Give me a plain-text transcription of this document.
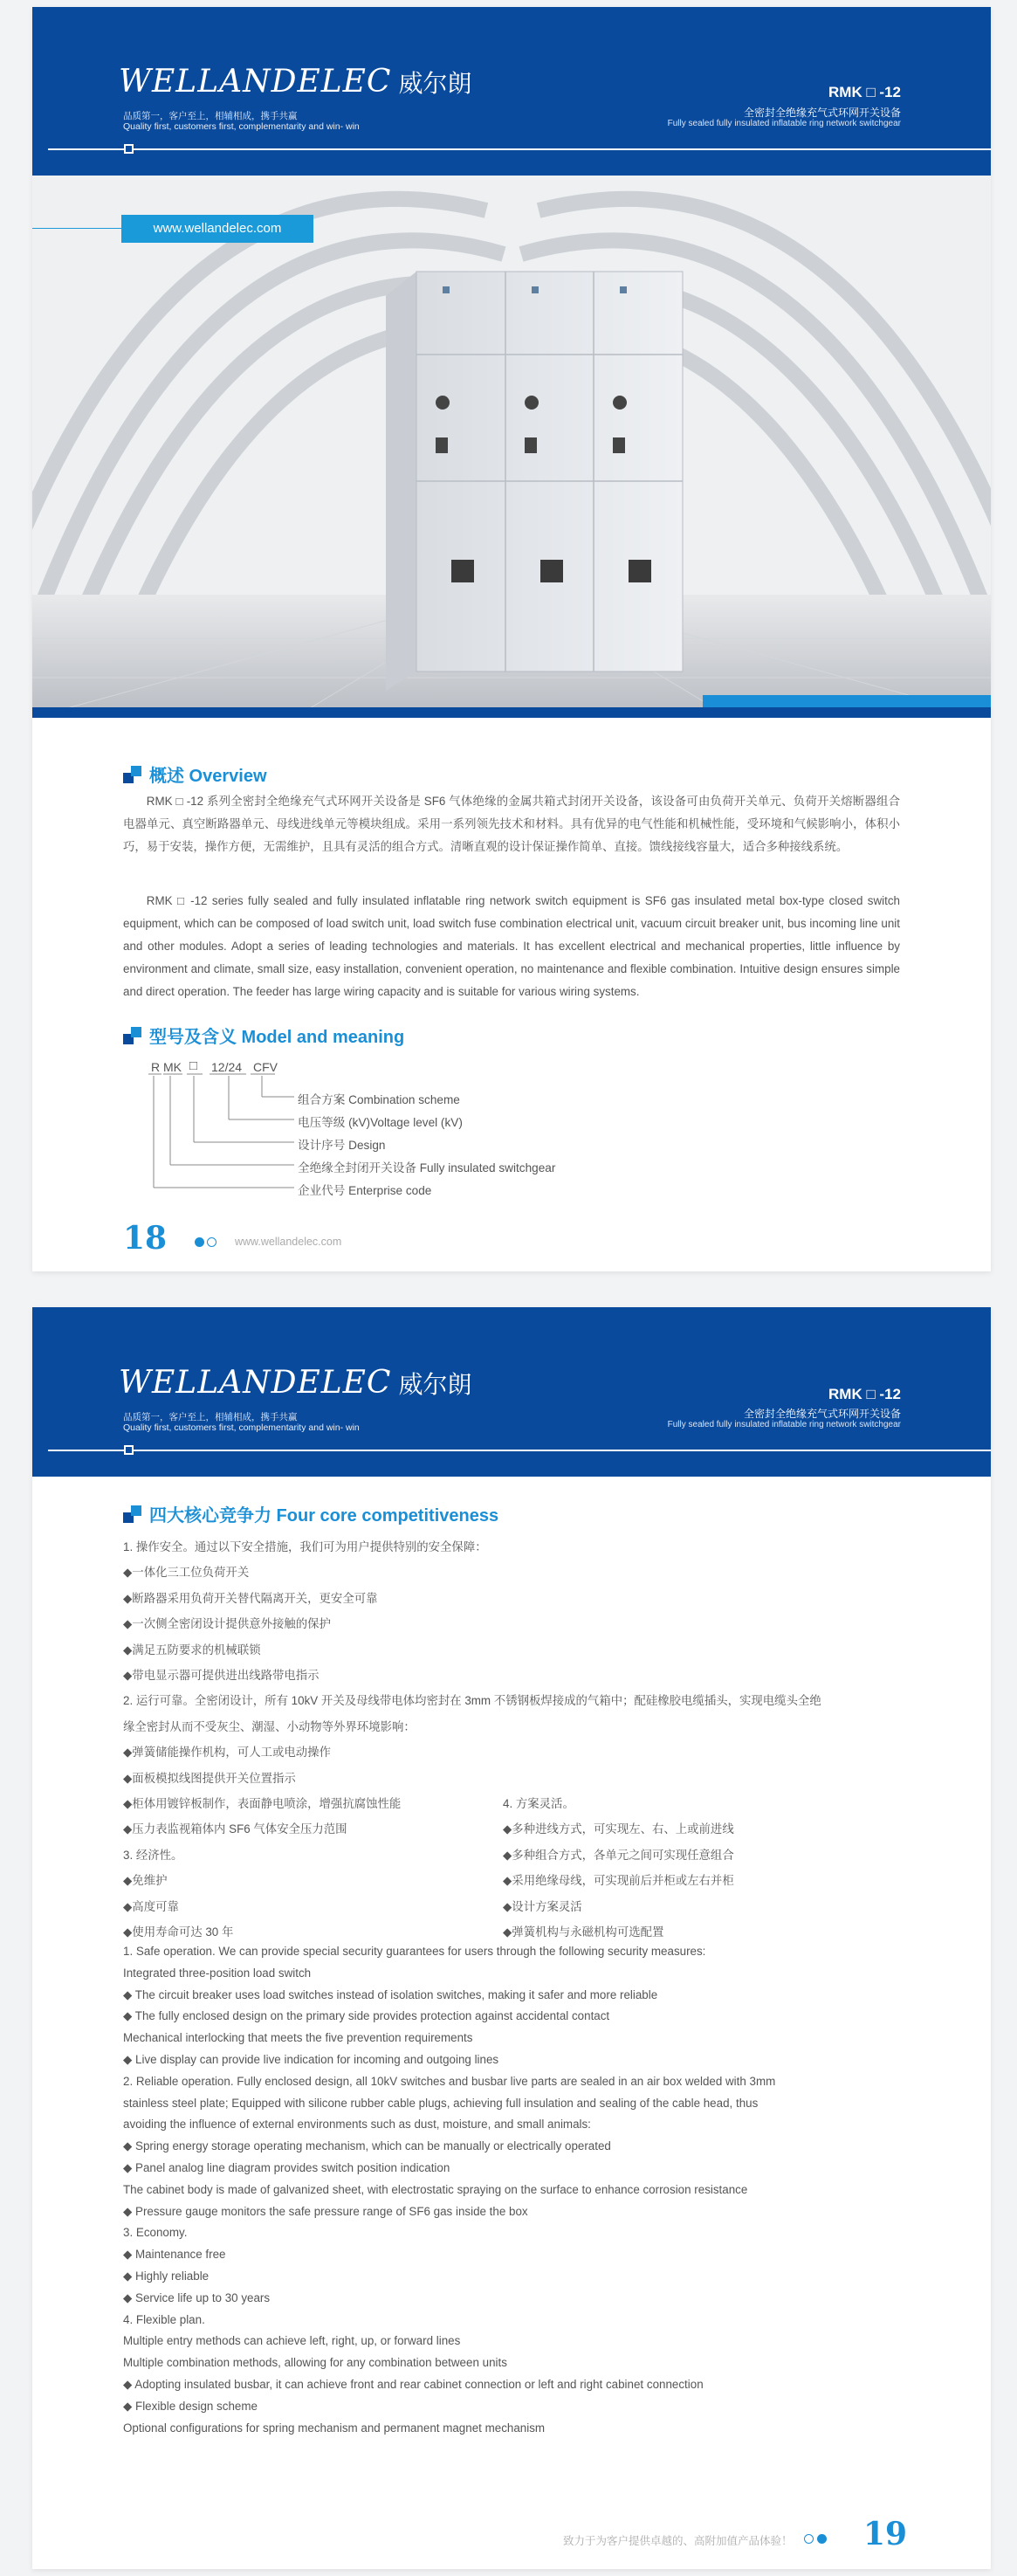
WELLANDELEC 威尔朗
品质第一，客户至上，相辅相成，携手共赢
Quality first, customers first, complementarity and win- win
RMK □ -12
全密封全绝缘充气式环网开关设备
Fully sealed fully insulated inflatable ring network switchgear
www.wellandelec.com
概述 Overview
RMK □ -12 系列全密封全绝缘充气式环网开关设备是 SF6 气体绝缘的金属共箱式封闭开关设备，该设备可由负荷开关单元、负荷开关熔断器组合电器单元、真空断路器单元、母线进线单元等模块组成。采用一系列领先技术和材料。具有优异的电气性能和机械性能，受环境和气候影响小，体积小巧，易于安装，操作方便，无需维护，且具有灵活的组合方式。清晰直观的设计保证操作简单、直接。馈线接线容量大，适合多种接线系统。
RMK □ -12 series fully sealed and fully insulated inflatable ring network switch equipment is SF6 gas insulated metal box-type closed switch equipment, which can be composed of load switch unit, load switch fuse combination electrical unit, vacuum circuit breaker unit, bus incoming line unit and other modules. Adopt a series of leading technologies and materials. It has excellent electrical and mechanical properties, little influence by environment and climate, small size, easy installation, convenient operation, no maintenance and flexible combination. Intuitive design ensures simple and direct operation. The feeder has large wiring capacity and is suitable for various wiring systems.
型号及含义 Model and meaning
R MK □ 12/24 CFV
组合方案 Combination scheme
电压等级 (kV)Voltage level (kV)
设计序号 Design
全绝缘全封闭开关设备 Fully insulated switchgear
企业代号 Enterprise code
18	www.wellandelec.com
WELLANDELEC 威尔朗
品质第一，客户至上，相辅相成，携手共赢
Quality first, customers first, complementarity and win- win
RMK □ -12
全密封全绝缘充气式环网开关设备
Fully sealed fully insulated inflatable ring network switchgear
四大核心竞争力 Four core competitiveness
1. 操作安全。通过以下安全措施，我们可为用户提供特别的安全保障：
◆一体化三工位负荷开关
◆断路器采用负荷开关替代隔离开关，更安全可靠
◆一次侧全密闭设计提供意外接触的保护
◆满足五防要求的机械联锁
◆带电显示器可提供进出线路带电指示
2. 运行可靠。全密闭设计，所有 10kV 开关及母线带电体均密封在 3mm 不锈钢板焊接成的气箱中；配硅橡胶电缆插头，实现电缆头全绝
缘全密封从而不受灰尘、潮湿、小动物等外界环境影响：
◆弹簧储能操作机构，可人工或电动操作
◆面板模拟线图提供开关位置指示
◆柜体用镀锌板制作，表面静电喷涂，增强抗腐蚀性能
◆压力表监视箱体内 SF6 气体安全压力范围
3. 经济性。
◆免维护
◆高度可靠
◆使用寿命可达 30 年
4. 方案灵活。
◆多种进线方式，可实现左、右、上或前进线
◆多种组合方式，各单元之间可实现任意组合
◆采用绝缘母线，可实现前后并柜或左右并柜
◆设计方案灵活
◆弹簧机构与永磁机构可选配置
1. Safe operation. We can provide special security guarantees for users through the following security measures:
Integrated three-position load switch
◆ The circuit breaker uses load switches instead of isolation switches, making it safer and more reliable
◆ The fully enclosed design on the primary side provides protection against accidental contact
Mechanical interlocking that meets the five prevention requirements
◆ Live display can provide live indication for incoming and outgoing lines
2. Reliable operation. Fully enclosed design, all 10kV switches and busbar live parts are sealed in an air box welded with 3mm
stainless steel plate; Equipped with silicone rubber cable plugs, achieving full insulation and sealing of the cable head, thus
avoiding the influence of external environments such as dust, moisture, and small animals:
◆ Spring energy storage operating mechanism, which can be manually or electrically operated
◆ Panel analog line diagram provides switch position indication
The cabinet body is made of galvanized sheet, with electrostatic spraying on the surface to enhance corrosion resistance
◆ Pressure gauge monitors the safe pressure range of SF6 gas inside the box
3. Economy.
◆ Maintenance free
◆ Highly reliable
◆ Service life up to 30 years
4. Flexible plan.
Multiple entry methods can achieve left, right, up, or forward lines
Multiple combination methods, allowing for any combination between units
◆ Adopting insulated busbar, it can achieve front and rear cabinet connection or left and right cabinet connection
◆ Flexible design scheme
Optional configurations for spring mechanism and permanent magnet mechanism
致力于为客户提供卓越的、高附加值产品体验！ 19
